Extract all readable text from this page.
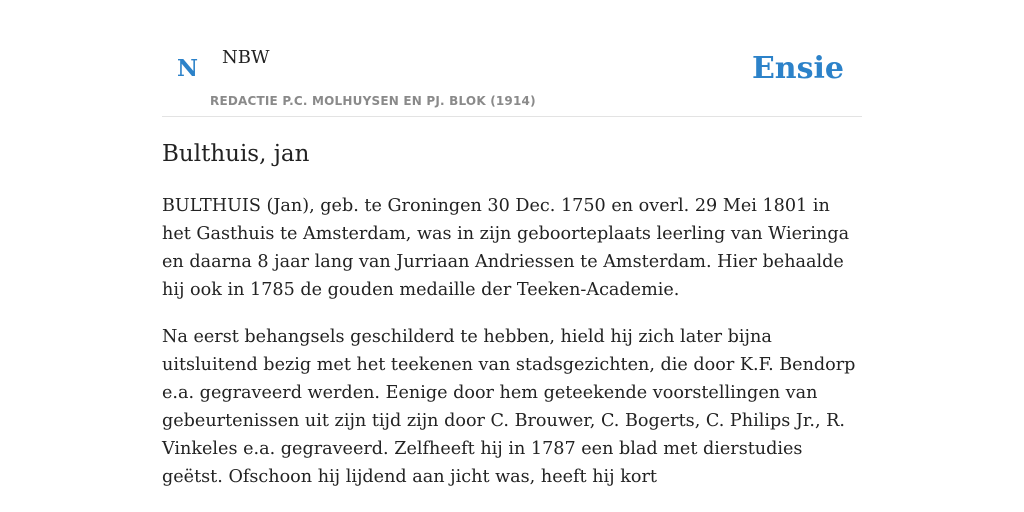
N NBW
REDACTIE P.C. MOLHUYSEN EN PJ. BLOK (1914)
Ensie
Bulthuis, jan

BULTHUIS (Jan), geb. te Groningen 30 Dec. 1750 en overl. 29 Mei 1801 in het Gasthuis te Amsterdam, was in zijn geboorteplaats leerling van Wieringa en daarna 8 jaar lang van Jurriaan Andriessen te Amsterdam. Hier behaalde hij ook in 1785 de gouden medaille der Teeken-Academie.

Na eerst behangsels geschilderd te hebben, hield hij zich later bijna uitsluitend bezig met het teekenen van stadsgezichten, die door K.F. Bendorp e.a. gegraveerd werden. Eenige door hem geteekende voorstellingen van gebeurtenissen uit zijn tijd zijn door C. Brouwer, C. Bogerts, C. Philips Jr., R. Vinkeles e.a. gegraveerd. Zelfheeft hij in 1787 een blad met dierstudies geëtst. Ofschoon hij lijdend aan jicht was, heeft hij kort
